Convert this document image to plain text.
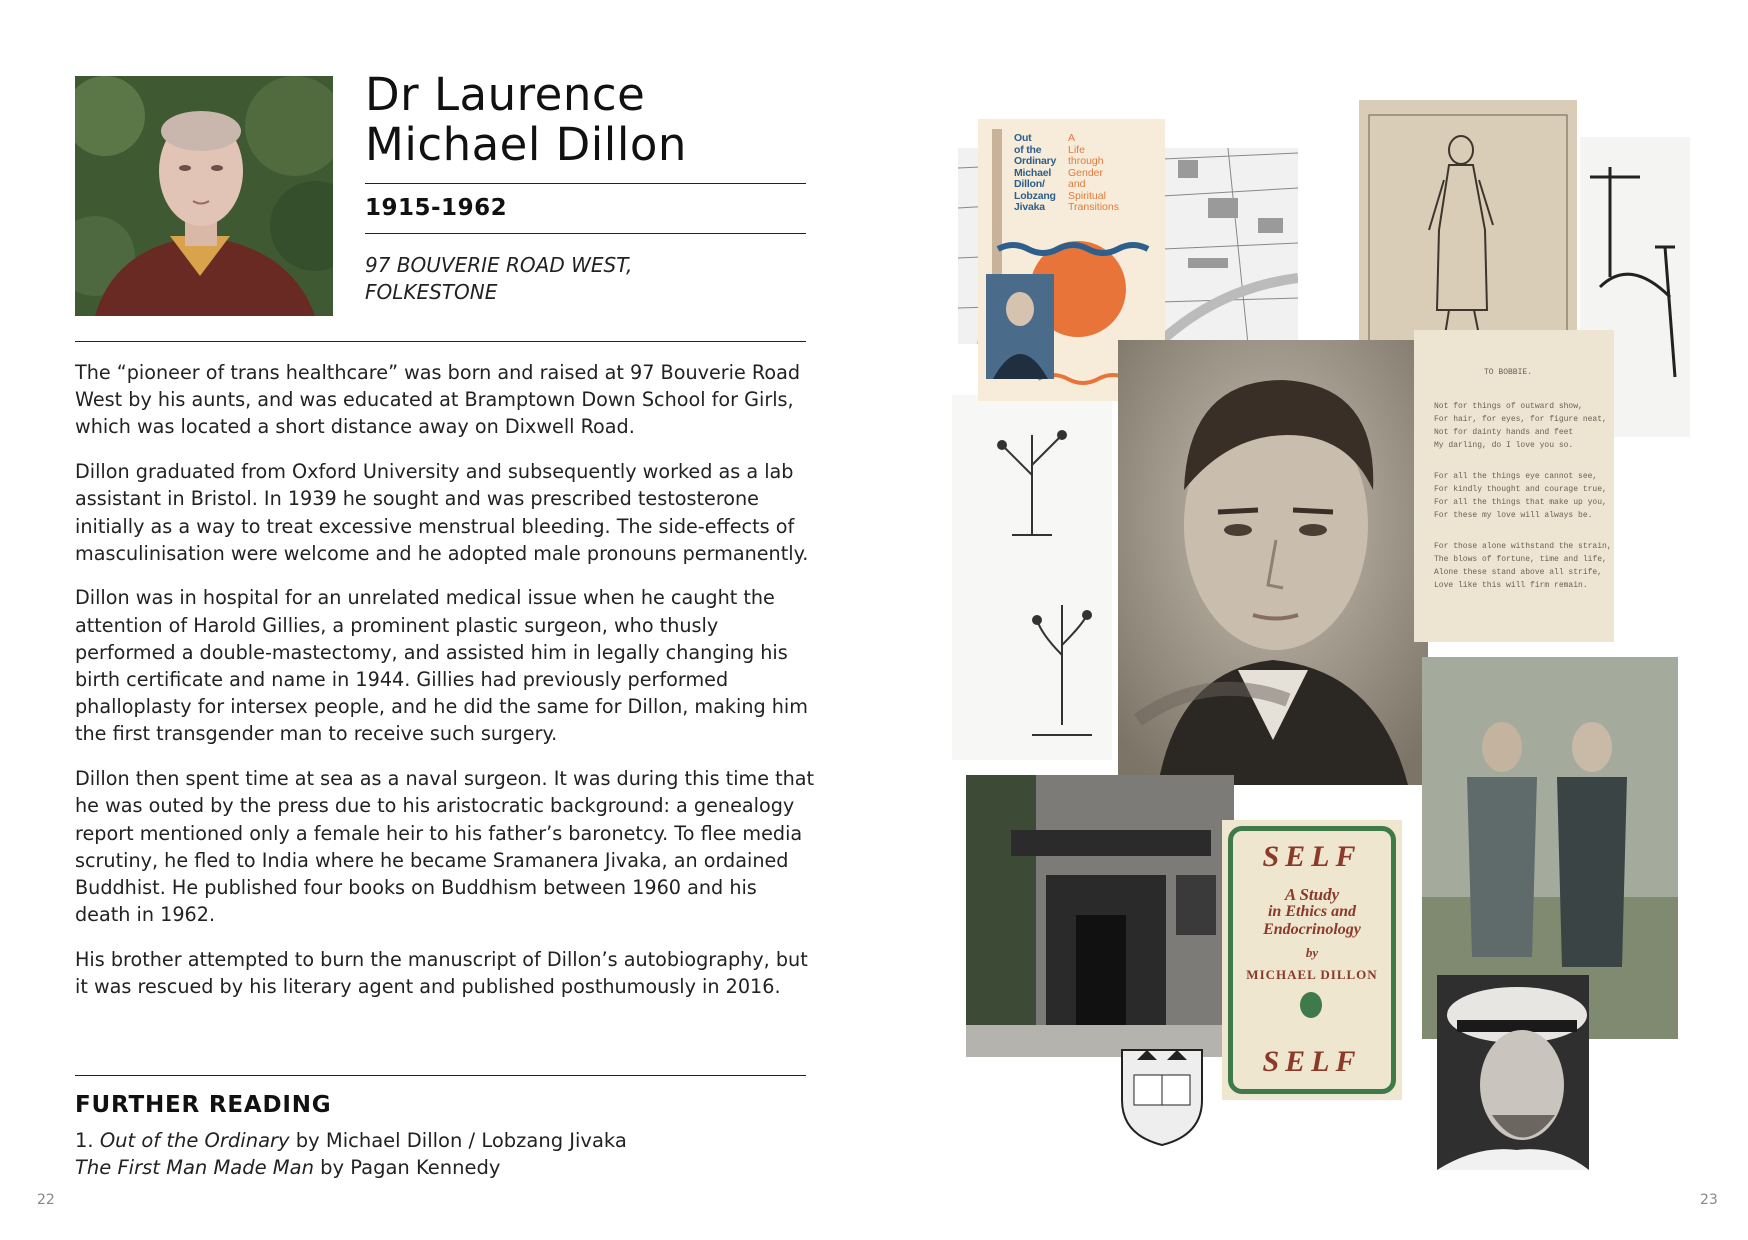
Dr Laurence
Michael Dillon
1915-1962
97 BOUVERIE ROAD WEST,
FOLKESTONE

The “pioneer of trans healthcare” was born and raised at 97 Bouverie Road West by his aunts, and was educated at Bramptown Down School for Girls, which was located a short distance away on Dixwell Road.

Dillon graduated from Oxford University and subsequently worked as a lab assistant in Bristol. In 1939 he sought and was prescribed testosterone initially as a way to treat excessive menstrual bleeding. The side-effects of masculinisation were welcome and he adopted male pronouns permanently.

Dillon was in hospital for an unrelated medical issue when he caught the attention of Harold Gillies, a prominent plastic surgeon, who thusly performed a double-mastectomy, and assisted him in legally changing his birth certificate and name in 1944. Gillies had previously performed phalloplasty for intersex people, and he did the same for Dillon, making him the first transgender man to receive such surgery.

Dillon then spent time at sea as a naval surgeon. It was during this time that he was outed by the press due to his aristocratic background: a genealogy report mentioned only a female heir to his father’s baronetcy. To flee media scrutiny, he fled to India where he became Sramanera Jivaka, an ordained Buddhist. He published four books on Buddhism between 1960 and his death in 1962.

His brother attempted to burn the manuscript of Dillon’s autobiography, but it was rescued by his literary agent and published posthumously in 2016.

FURTHER READING
1. Out of the Ordinary by Michael Dillon / Lobzang Jivaka
The First Man Made Man by Pagan Kennedy
22
Out
of the
Ordinary
Michael
Dillon/
Lobzang
Jivaka
A
Life
through
Gender
and
Spiritual
Transitions
TO BOBBIE.
Not for things of outward show,
For hair, for eyes, for figure neat,
Not for dainty hands and feet
My darling, do I love you so.
For all the things eye cannot see,
For kindly thought and courage true,
For all the things that make up you,
For these my love will always be.
For those alone withstand the strain,
The blows of fortune, time and life,
Alone these stand above all strife,
Love like this will firm remain.
SELF
A Study
in Ethics and
Endocrinology
by
MICHAEL DILLON
SELF
23
